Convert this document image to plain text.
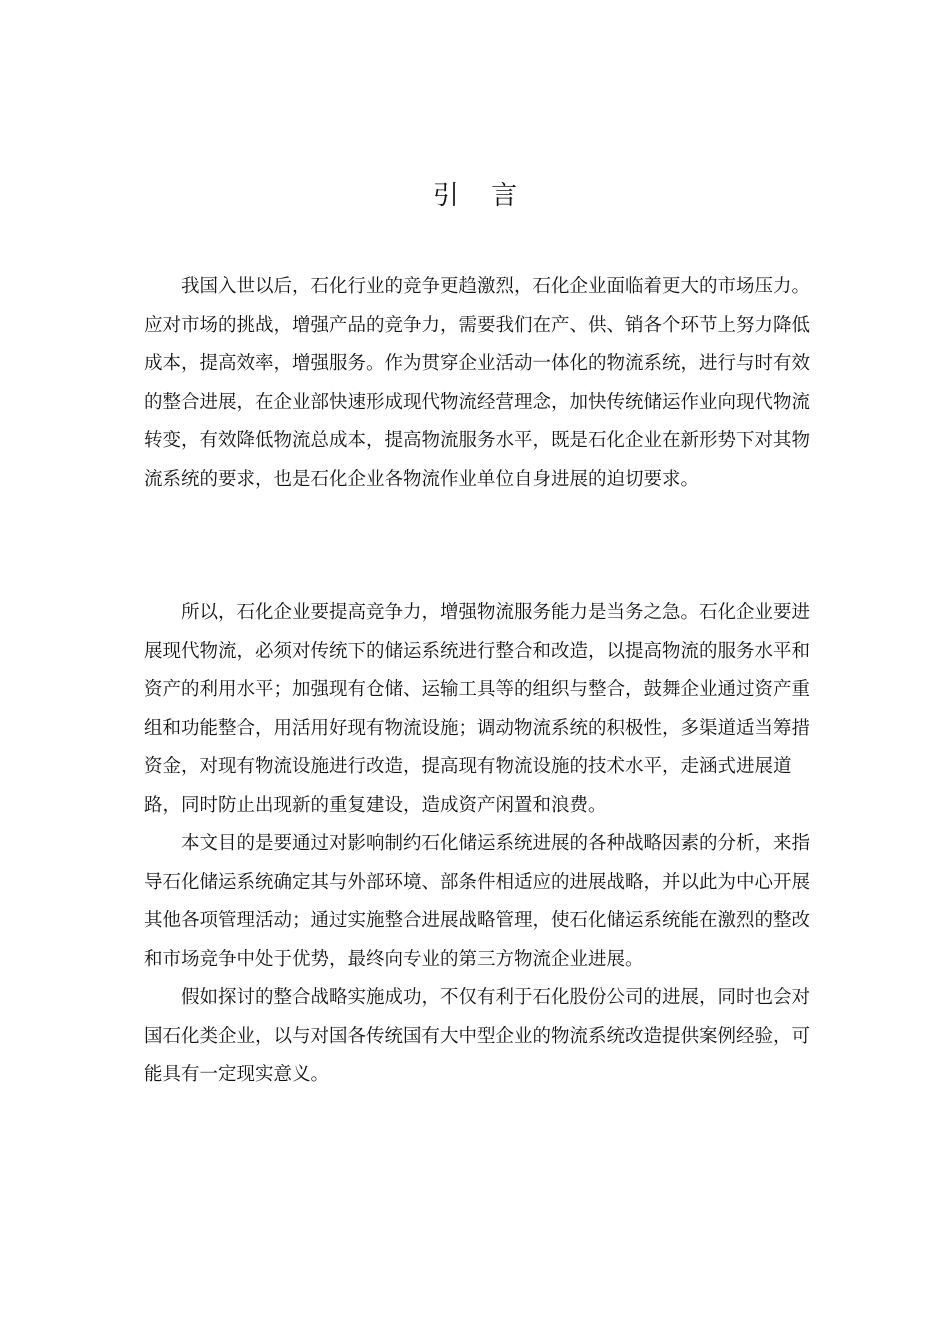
引 言

我国入世以后，石化行业的竞争更趋激烈，石化企业面临着更大的市场压力。应对市场的挑战，增强产品的竞争力，需要我们在产、供、销各个环节上努力降低成本，提高效率，增强服务。作为贯穿企业活动一体化的物流系统，进行与时有效的整合进展，在企业部快速形成现代物流经营理念，加快传统储运作业向现代物流转变，有效降低物流总成本，提高物流服务水平，既是石化企业在新形势下对其物流系统的要求，也是石化企业各物流作业单位自身进展的迫切要求。

所以，石化企业要提高竞争力，增强物流服务能力是当务之急。石化企业要进展现代物流，必须对传统下的储运系统进行整合和改造，以提高物流的服务水平和资产的利用水平；加强现有仓储、运输工具等的组织与整合，鼓舞企业通过资产重组和功能整合，用活用好现有物流设施；调动物流系统的积极性，多渠道适当筹措资金，对现有物流设施进行改造，提高现有物流设施的技术水平，走涵式进展道路，同时防止出现新的重复建设，造成资产闲置和浪费。

本文目的是要通过对影响制约石化储运系统进展的各种战略因素的分析，来指导石化储运系统确定其与外部环境、部条件相适应的进展战略，并以此为中心开展其他各项管理活动；通过实施整合进展战略管理，使石化储运系统能在激烈的整改和市场竞争中处于优势，最终向专业的第三方物流企业进展。

假如探讨的整合战略实施成功，不仅有利于石化股份公司的进展，同时也会对国石化类企业，以与对国各传统国有大中型企业的物流系统改造提供案例经验，可能具有一定现实意义。
